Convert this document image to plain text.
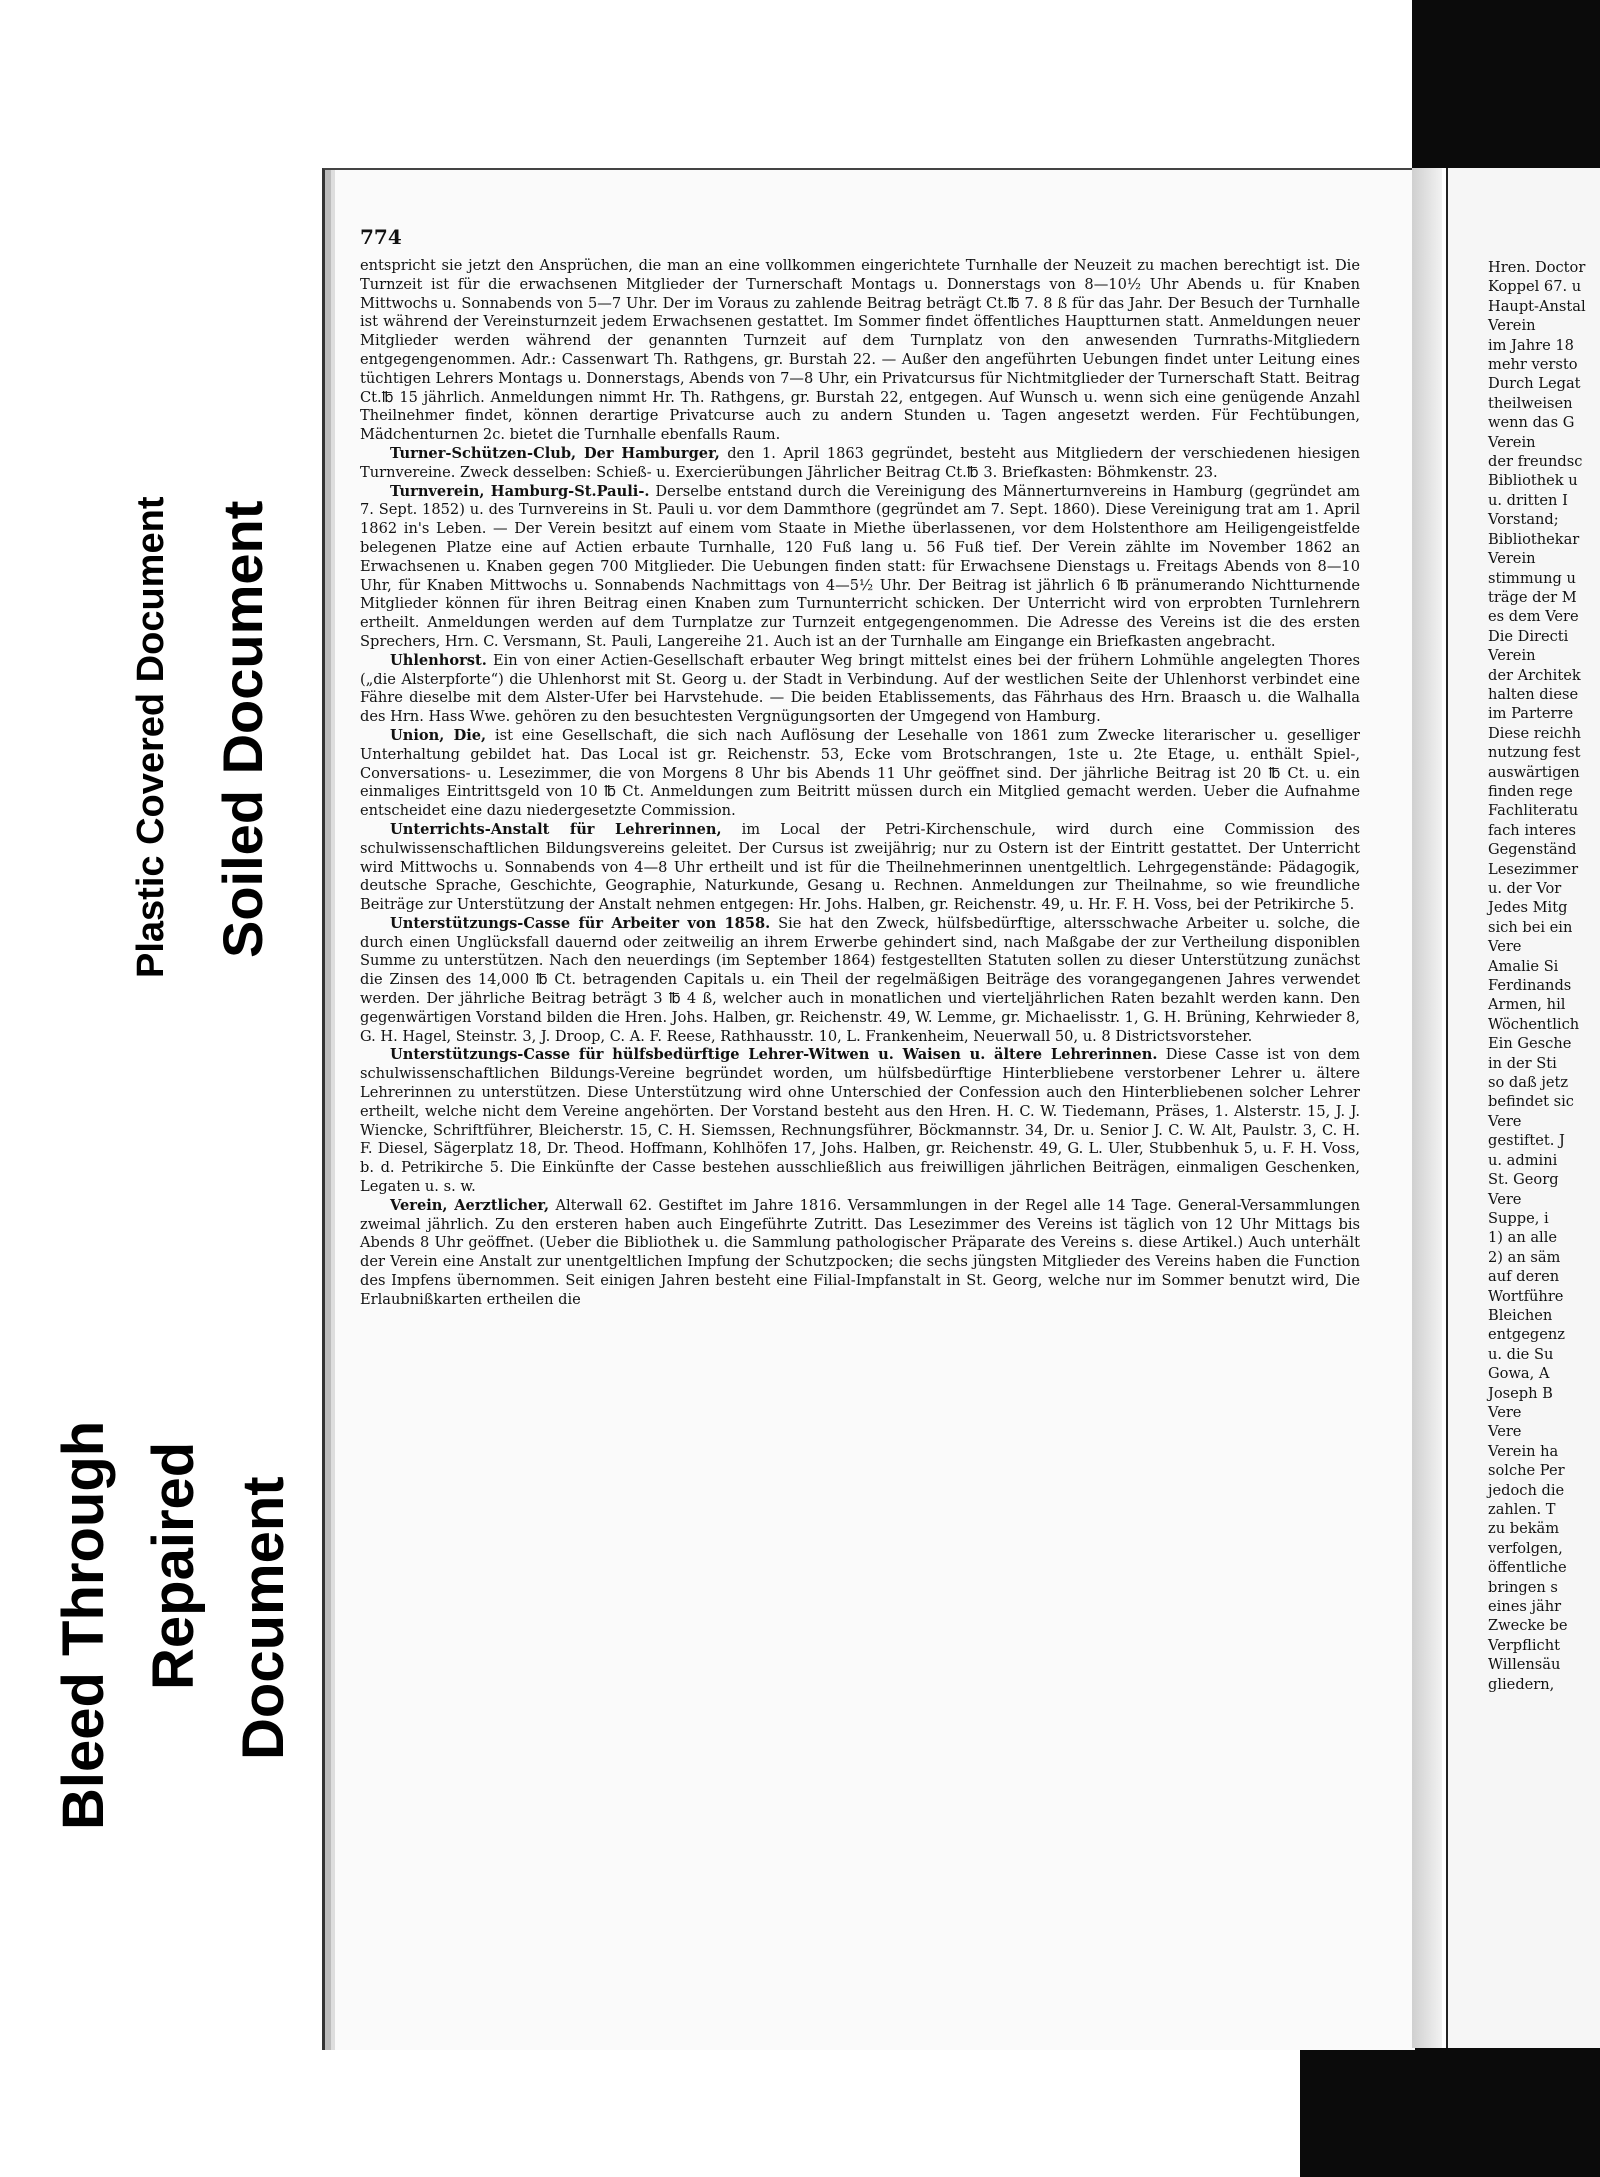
Plastic Covered Document Soiled Document
Bleed Through Repaired Document
774

entspricht sie jetzt den Ansprüchen, die man an eine vollkommen eingerichtete Turnhalle der Neuzeit zu machen berechtigt ist. Die Turnzeit ist für die erwachsenen Mitglieder der Turnerschaft Montags u. Donnerstags von 8—10½ Uhr Abends u. für Knaben Mittwochs u. Sonnabends von 5—7 Uhr. Der im Voraus zu zahlende Beitrag beträgt Ct.℔ 7. 8 ß für das Jahr. Der Besuch der Turnhalle ist während der Vereinsturnzeit jedem Erwachsenen gestattet. Im Sommer findet öffentliches Hauptturnen statt. Anmeldungen neuer Mitglieder werden während der genannten Turnzeit auf dem Turnplatz von den anwesenden Turnraths-Mitgliedern entgegengenommen. Adr.: Cassenwart Th. Rathgens, gr. Burstah 22. — Außer den angeführten Uebungen findet unter Leitung eines tüchtigen Lehrers Montags u. Donnerstags, Abends von 7—8 Uhr, ein Privatcursus für Nichtmitglieder der Turnerschaft Statt. Beitrag Ct.℔ 15 jährlich. Anmeldungen nimmt Hr. Th. Rathgens, gr. Burstah 22, entgegen. Auf Wunsch u. wenn sich eine genügende Anzahl Theilnehmer findet, können derartige Privatcurse auch zu andern Stunden u. Tagen angesetzt werden. Für Fechtübungen, Mädchenturnen 2c. bietet die Turnhalle ebenfalls Raum.

Turner-Schützen-Club, Der Hamburger, den 1. April 1863 gegründet, besteht aus Mitgliedern der verschiedenen hiesigen Turnvereine. Zweck desselben: Schieß- u. Exercierübungen Jährlicher Beitrag Ct.℔ 3. Briefkasten: Böhmkenstr. 23.

Turnverein, Hamburg-St.Pauli-. Derselbe entstand durch die Vereinigung des Männerturnvereins in Hamburg (gegründet am 7. Sept. 1852) u. des Turnvereins in St. Pauli u. vor dem Dammthore (gegründet am 7. Sept. 1860). Diese Vereinigung trat am 1. April 1862 in's Leben. — Der Verein besitzt auf einem vom Staate in Miethe überlassenen, vor dem Holstenthore am Heiligengeistfelde belegenen Platze eine auf Actien erbaute Turnhalle, 120 Fuß lang u. 56 Fuß tief. Der Verein zählte im November 1862 an Erwachsenen u. Knaben gegen 700 Mitglieder. Die Uebungen finden statt: für Erwachsene Dienstags u. Freitags Abends von 8—10 Uhr, für Knaben Mittwochs u. Sonnabends Nachmittags von 4—5½ Uhr. Der Beitrag ist jährlich 6 ℔ pränumerando Nichtturnende Mitglieder können für ihren Beitrag einen Knaben zum Turnunterricht schicken. Der Unterricht wird von erprobten Turnlehrern ertheilt. Anmeldungen werden auf dem Turnplatze zur Turnzeit entgegengenommen. Die Adresse des Vereins ist die des ersten Sprechers, Hrn. C. Versmann, St. Pauli, Langereihe 21. Auch ist an der Turnhalle am Eingange ein Briefkasten angebracht.

Uhlenhorst. Ein von einer Actien-Gesellschaft erbauter Weg bringt mittelst eines bei der frühern Lohmühle angelegten Thores („die Alsterpforte“) die Uhlenhorst mit St. Georg u. der Stadt in Verbindung. Auf der westlichen Seite der Uhlenhorst verbindet eine Fähre dieselbe mit dem Alster-Ufer bei Harvstehude. — Die beiden Etablissements, das Fährhaus des Hrn. Braasch u. die Walhalla des Hrn. Hass Wwe. gehören zu den besuchtesten Vergnügungsorten der Umgegend von Hamburg.

Union, Die, ist eine Gesellschaft, die sich nach Auflösung der Lesehalle von 1861 zum Zwecke literarischer u. geselliger Unterhaltung gebildet hat. Das Local ist gr. Reichenstr. 53, Ecke vom Brotschrangen, 1ste u. 2te Etage, u. enthält Spiel-, Conversations- u. Lesezimmer, die von Morgens 8 Uhr bis Abends 11 Uhr geöffnet sind. Der jährliche Beitrag ist 20 ℔ Ct. u. ein einmaliges Eintrittsgeld von 10 ℔ Ct. Anmeldungen zum Beitritt müssen durch ein Mitglied gemacht werden. Ueber die Aufnahme entscheidet eine dazu niedergesetzte Commission.

Unterrichts-Anstalt für Lehrerinnen, im Local der Petri-Kirchenschule, wird durch eine Commission des schulwissenschaftlichen Bildungsvereins geleitet. Der Cursus ist zweijährig; nur zu Ostern ist der Eintritt gestattet. Der Unterricht wird Mittwochs u. Sonnabends von 4—8 Uhr ertheilt und ist für die Theilnehmerinnen unentgeltlich. Lehrgegenstände: Pädagogik, deutsche Sprache, Geschichte, Geographie, Naturkunde, Gesang u. Rechnen. Anmeldungen zur Theilnahme, so wie freundliche Beiträge zur Unterstützung der Anstalt nehmen entgegen: Hr. Johs. Halben, gr. Reichenstr. 49, u. Hr. F. H. Voss, bei der Petrikirche 5.

Unterstützungs-Casse für Arbeiter von 1858. Sie hat den Zweck, hülfsbedürftige, altersschwache Arbeiter u. solche, die durch einen Unglücksfall dauernd oder zeitweilig an ihrem Erwerbe gehindert sind, nach Maßgabe der zur Vertheilung disponiblen Summe zu unterstützen. Nach den neuerdings (im September 1864) festgestellten Statuten sollen zu dieser Unterstützung zunächst die Zinsen des 14,000 ℔ Ct. betragenden Capitals u. ein Theil der regelmäßigen Beiträge des vorangegangenen Jahres verwendet werden. Der jährliche Beitrag beträgt 3 ℔ 4 ß, welcher auch in monatlichen und vierteljährlichen Raten bezahlt werden kann. Den gegenwärtigen Vorstand bilden die Hren. Johs. Halben, gr. Reichenstr. 49, W. Lemme, gr. Michaelisstr. 1, G. H. Brüning, Kehrwieder 8, G. H. Hagel, Steinstr. 3, J. Droop, C. A. F. Reese, Rathhausstr. 10, L. Frankenheim, Neuerwall 50, u. 8 Districtsvorsteher.

Unterstützungs-Casse für hülfsbedürftige Lehrer-Witwen u. Waisen u. ältere Lehrerinnen. Diese Casse ist von dem schulwissenschaftlichen Bildungs-Vereine begründet worden, um hülfsbedürftige Hinterbliebene verstorbener Lehrer u. ältere Lehrerinnen zu unterstützen. Diese Unterstützung wird ohne Unterschied der Confession auch den Hinterbliebenen solcher Lehrer ertheilt, welche nicht dem Vereine angehörten. Der Vorstand besteht aus den Hren. H. C. W. Tiedemann, Präses, 1. Alsterstr. 15, J. J. Wiencke, Schriftführer, Bleicherstr. 15, C. H. Siemssen, Rechnungsführer, Böckmannstr. 34, Dr. u. Senior J. C. W. Alt, Paulstr. 3, C. H. F. Diesel, Sägerplatz 18, Dr. Theod. Hoffmann, Kohlhöfen 17, Johs. Halben, gr. Reichenstr. 49, G. L. Uler, Stubbenhuk 5, u. F. H. Voss, b. d. Petrikirche 5. Die Einkünfte der Casse bestehen ausschließlich aus freiwilligen jährlichen Beiträgen, einmaligen Geschenken, Legaten u. s. w.

Verein, Aerztlicher, Alterwall 62. Gestiftet im Jahre 1816. Versammlungen in der Regel alle 14 Tage. General-Versammlungen zweimal jährlich. Zu den ersteren haben auch Eingeführte Zutritt. Das Lesezimmer des Vereins ist täglich von 12 Uhr Mittags bis Abends 8 Uhr geöffnet. (Ueber die Bibliothek u. die Sammlung pathologischer Präparate des Vereins s. diese Artikel.) Auch unterhält der Verein eine Anstalt zur unentgeltlichen Impfung der Schutzpocken; die sechs jüngsten Mitglieder des Vereins haben die Function des Impfens übernommen. Seit einigen Jahren besteht eine Filial-Impfanstalt in St. Georg, welche nur im Sommer benutzt wird, Die Erlaubnißkarten ertheilen die

Hren. Doctor
Koppel 67. u
Haupt-Anstal
Verein
im Jahre 18
mehr versto
Durch Legat
theilweisen
wenn das G
Verein
der freundsc
Bibliothek u
u. dritten I
Vorstand;
Bibliothekar
Verein
stimmung u
träge der M
es dem Vere
Die Directi
Verein
der Architek
halten diese
im Parterre
Diese reichh
nutzung fest
auswärtigen
finden rege
Fachliteratu
fach interes
Gegenständ
Lesezimmer
u. der Vor
Jedes Mitg
sich bei ein
Vere
Amalie Si
Ferdinands
Armen, hil
Wöchentlich
Ein Gesche
in der Sti
so daß jetz
befindet sic
Vere
gestiftet. J
u. admini
St. Georg
Vere
Suppe, i
1) an alle
2) an säm
auf deren
Wortführe
Bleichen
entgegenz
u. die Su
Gowa, A
Joseph B
Vere
Vere
Verein ha
solche Per
jedoch die
zahlen. T
zu bekäm
verfolgen,
öffentliche
bringen s
eines jähr
Zwecke be
Verpflicht
Willensäu
gliedern,
